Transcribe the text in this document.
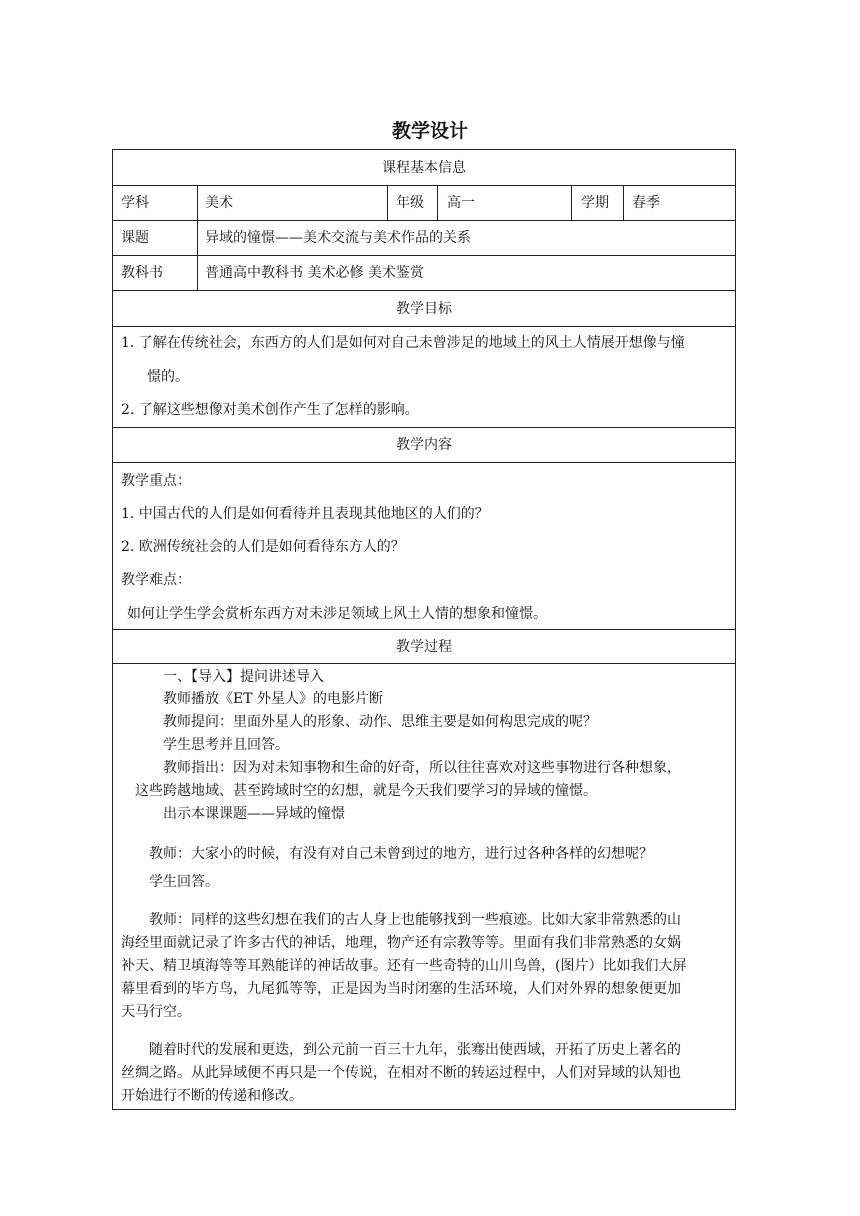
教学设计
课程基本信息
学科	美术	年级 高一	学期 春季
课题	异域的憧憬——美术交流与美术作品的关系
教科书	普通高中教科书 美术必修 美术鉴赏
教学目标
1. 了解在传统社会，东西方的人们是如何对自己未曾涉足的地域上的风土人情展开想像与憧
憬的。
2. 了解这些想像对美术创作产生了怎样的影响。
教学内容
教学重点：
1. 中国古代的人们是如何看待并且表现其他地区的人们的？
2. 欧洲传统社会的人们是如何看待东方人的？
教学难点：
如何让学生学会赏析东西方对未涉足领域上风土人情的想象和憧憬。
教学过程
一、【导入】提问讲述导入
教师播放《ET 外星人》的电影片断
教师提问：里面外星人的形象、动作、思维主要是如何构思完成的呢？
学生思考并且回答。
教师指出：因为对未知事物和生命的好奇，所以往往喜欢对这些事物进行各种想象，
这些跨越地域、甚至跨域时空的幻想，就是今天我们要学习的异域的憧憬。
出示本课课题——异域的憧憬
教师：大家小的时候，有没有对自己未曾到过的地方，进行过各种各样的幻想呢？
学生回答。
教师：同样的这些幻想在我们的古人身上也能够找到一些痕迹。比如大家非常熟悉的山
海经里面就记录了许多古代的神话，地理，物产还有宗教等等。里面有我们非常熟悉的女娲
补天、精卫填海等等耳熟能详的神话故事。还有一些奇特的山川鸟兽，(图片）比如我们大屏
幕里看到的毕方鸟，九尾狐等等，正是因为当时闭塞的生活环境，人们对外界的想象便更加
天马行空。
随着时代的发展和更迭，到公元前一百三十九年，张骞出使西域，开拓了历史上著名的
丝绸之路。从此异域便不再只是一个传说，在相对不断的转运过程中，人们对异域的认知也
开始进行不断的传递和修改。
